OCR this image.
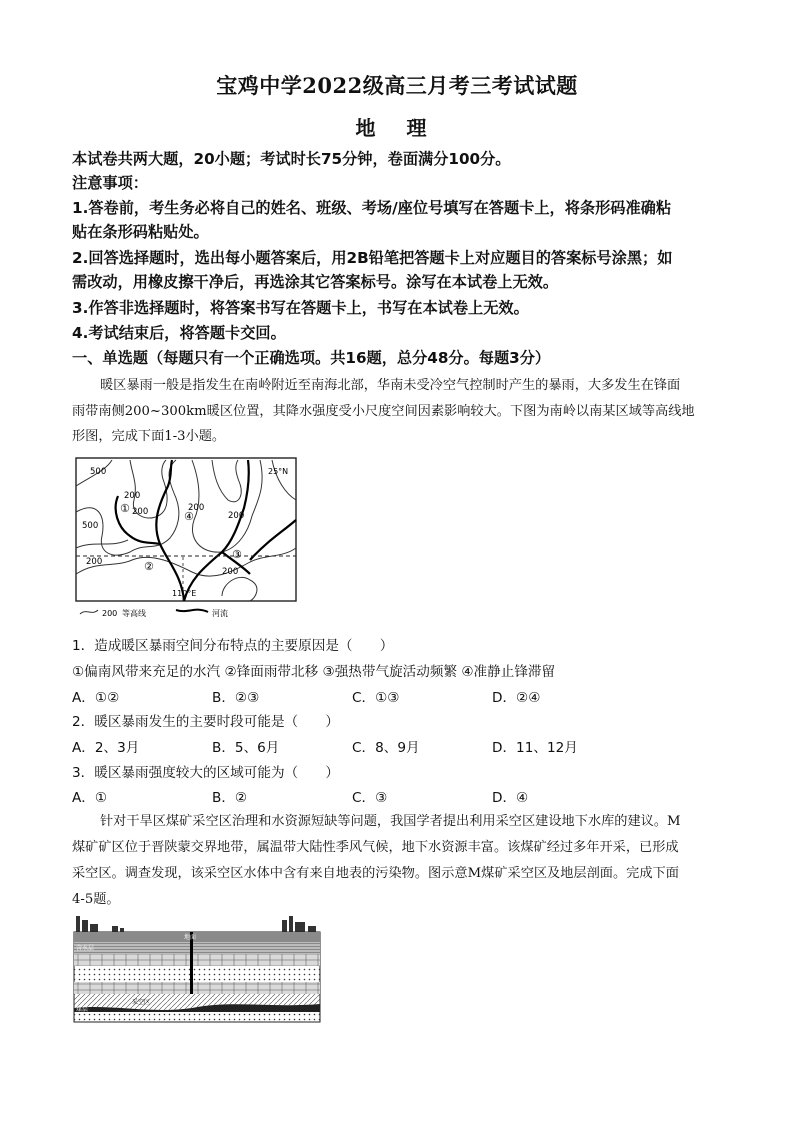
宝鸡中学2022级高三月考三考试试题
地 理
本试卷共两大题，20小题；考试时长75分钟，卷面满分100分。
注意事项：
1.答卷前，考生务必将自己的姓名、班级、考场/座位号填写在答题卡上，将条形码准确粘
贴在条形码粘贴处。
2.回答选择题时，选出每小题答案后，用2B铅笔把答题卡上对应题目的答案标号涂黑；如
需改动，用橡皮擦干净后，再选涂其它答案标号。涂写在本试卷上无效。
3.作答非选择题时，将答案书写在答题卡上，书写在本试卷上无效。
4.考试结束后，将答题卡交回。
一、单选题（每题只有一个正确选项。共16题，总分48分。每题3分）
暖区暴雨一般是指发生在南岭附近至南海北部，华南未受冷空气控制时产生的暴雨，大多发生在锋面
雨带南侧200~300km暖区位置，其降水强度受小尺度空间因素影响较大。下图为南岭以南某区域等高线地
形图，完成下面1-3小题。
500
200
200
500
200
200
200
200
①
②
③
④
25°N
110°E
200 等高线	河流
1．造成暖区暴雨空间分布特点的主要原因是（　　）
①偏南风带来充足的水汽 ②锋面雨带北移 ③强热带气旋活动频繁 ④准静止锋滞留
A．①②	B．②③	C．①③	D．②④
2．暖区暴雨发生的主要时段可能是（　　）
A．2、3月	B．5、6月	C．8、9月	D．11、12月
3．暖区暴雨强度较大的区域可能为（　　）
A．①	B．②	C．③	D．④
针对干旱区煤矿采空区治理和水资源短缺等问题，我国学者提出利用采空区建设地下水库的建议。M
煤矿矿区位于晋陕蒙交界地带，属温带大陆性季风气候，地下水资源丰富。该煤矿经过多年开采，已形成
采空区。调查发现，该采空区水体中含有来自地表的污染物。图示意M煤矿采空区及地层剖面。完成下面
4-5题。
含水层
地面
煤层
采空区
